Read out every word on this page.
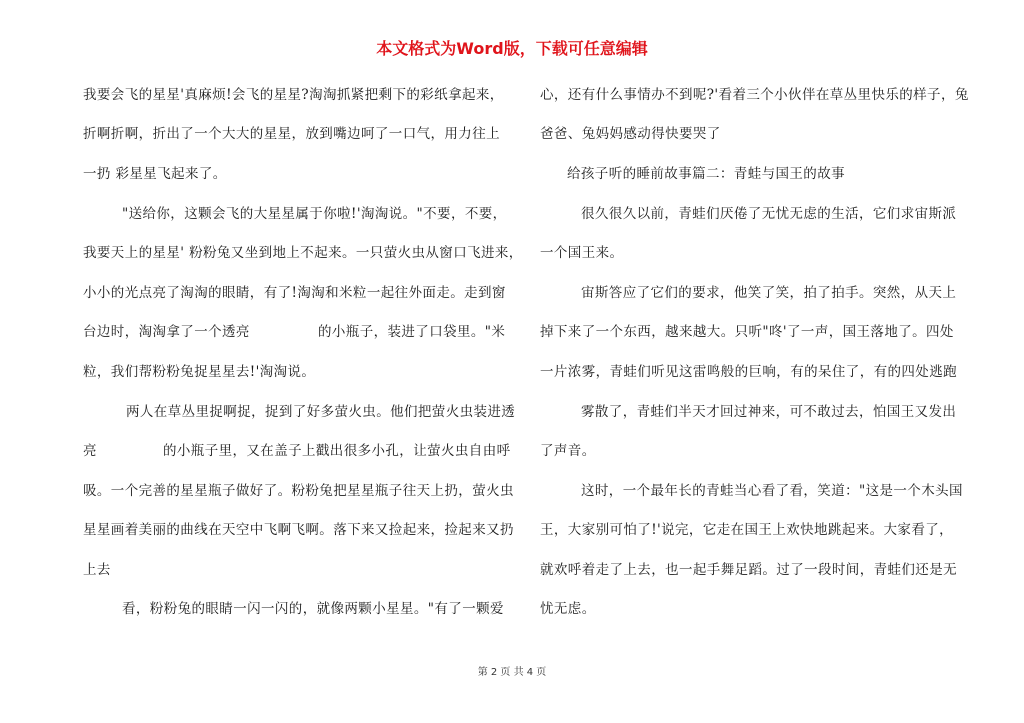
本文格式为Word版，下载可任意编辑
我要会飞的星星'真麻烦!会飞的星星?淘淘抓紧把剩下的彩纸拿起来，
折啊折啊，折出了一个大大的星星，放到嘴边呵了一口气，用力往上
一扔 彩星星飞起来了。
"送给你，这颗会飞的大星星属于你啦!'淘淘说。"不要，不要，
我要天上的星星' 粉粉兔又坐到地上不起来。一只萤火虫从窗口飞进来，
小小的光点亮了淘淘的眼睛，有了!淘淘和米粒一起往外面走。走到窗
台边时，淘淘拿了一个透亮	的小瓶子，装进了口袋里。"米
粒，我们帮粉粉兔捉星星去!'淘淘说。
两人在草丛里捉啊捉，捉到了好多萤火虫。他们把萤火虫装进透
亮	的小瓶子里，又在盖子上戳出很多小孔，让萤火虫自由呼
吸。一个完善的星星瓶子做好了。粉粉兔把星星瓶子往天上扔，萤火虫
星星画着美丽的曲线在天空中飞啊飞啊。落下来又捡起来，捡起来又扔
上去
看，粉粉兔的眼睛一闪一闪的，就像两颗小星星。"有了一颗爱
心，还有什么事情办不到呢?'看着三个小伙伴在草丛里快乐的样子，兔
爸爸、兔妈妈感动得快要哭了
给孩子听的睡前故事篇二：青蛙与国王的故事
很久很久以前，青蛙们厌倦了无忧无虑的生活，它们求宙斯派
一个国王来。
宙斯答应了它们的要求，他笑了笑，拍了拍手。突然，从天上
掉下来了一个东西，越来越大。只听"咚'了一声，国王落地了。四处
一片浓雾，青蛙们听见这雷鸣般的巨响，有的呆住了，有的四处逃跑
雾散了，青蛙们半天才回过神来，可不敢过去，怕国王又发出
了声音。
这时，一个最年长的青蛙当心看了看，笑道："这是一个木头国
王，大家别可怕了!'说完，它走在国王上欢快地跳起来。大家看了，
就欢呼着走了上去，也一起手舞足蹈。过了一段时间，青蛙们还是无
忧无虑。
第 2 页 共 4 页
